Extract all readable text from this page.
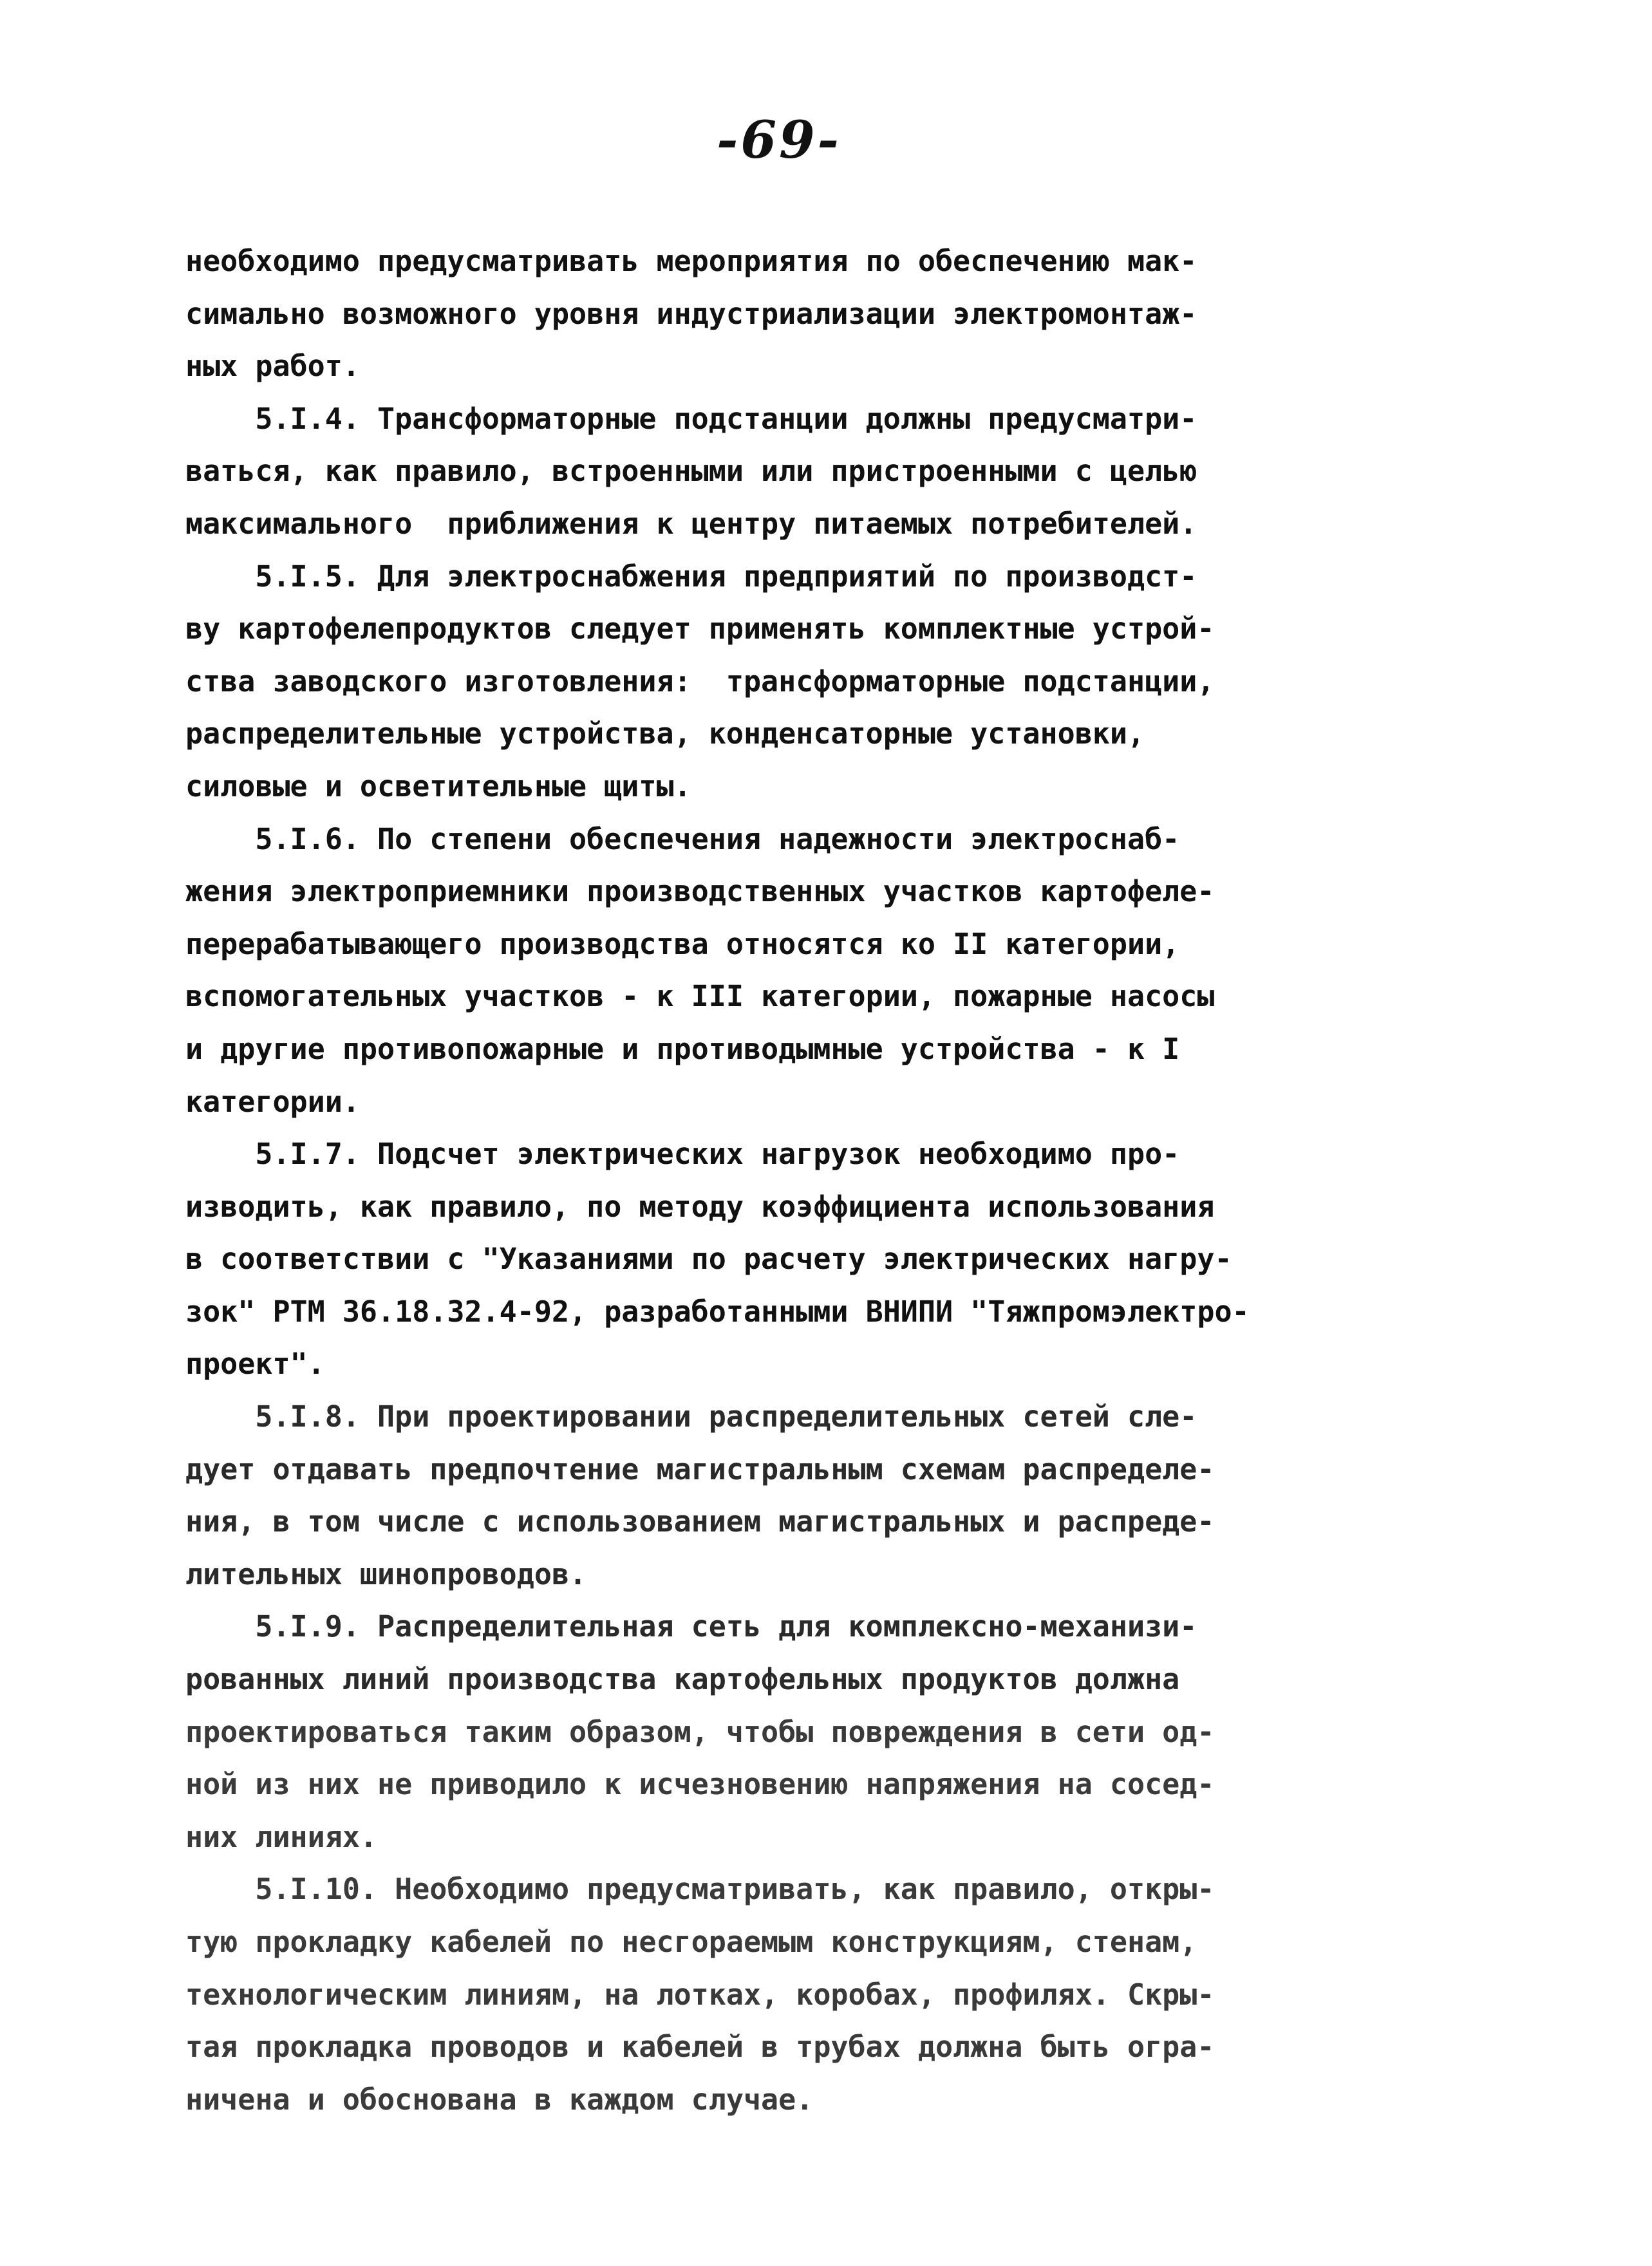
-69-
необходимо предусматривать мероприятия по обеспечению мак-
симально возможного уровня индустриализации электромонтаж-
ных работ.
5.I.4. Трансформаторные подстанции должны предусматри-
ваться, как правило, встроенными или пристроенными с целью
максимального  приближения к центру питаемых потребителей.
5.I.5. Для электроснабжения предприятий по производст-
ву картофелепродуктов следует применять комплектные устрой-
ства заводского изготовления:  трансформаторные подстанции,
распределительные устройства, конденсаторные установки,
силовые и осветительные щиты.
5.I.6. По степени обеспечения надежности электроснаб-
жения электроприемники производственных участков картофеле-
перерабатывающего производства относятся ко II категории,
вспомогательных участков - к III категории, пожарные насосы
и другие противопожарные и противодымные устройства - к I
категории.
5.I.7. Подсчет электрических нагрузок необходимо про-
изводить, как правило, по методу коэффициента использования
в соответствии с "Указаниями по расчету электрических нагру-
зок" РТМ 36.18.32.4-92, разработанными ВНИПИ "Тяжпромэлектро-
проект".
5.I.8. При проектировании распределительных сетей сле-
дует отдавать предпочтение магистральным схемам распределе-
ния, в том числе с использованием магистральных и распреде-
лительных шинопроводов.
5.I.9. Распределительная сеть для комплексно-механизи-
рованных линий производства картофельных продуктов должна
проектироваться таким образом, чтобы повреждения в сети од-
ной из них не приводило к исчезновению напряжения на сосед-
них линиях.
5.I.10. Необходимо предусматривать, как правило, откры-
тую прокладку кабелей по несгораемым конструкциям, стенам,
технологическим линиям, на лотках, коробах, профилях. Скры-
тая прокладка проводов и кабелей в трубах должна быть огра-
ничена и обоснована в каждом случае.
